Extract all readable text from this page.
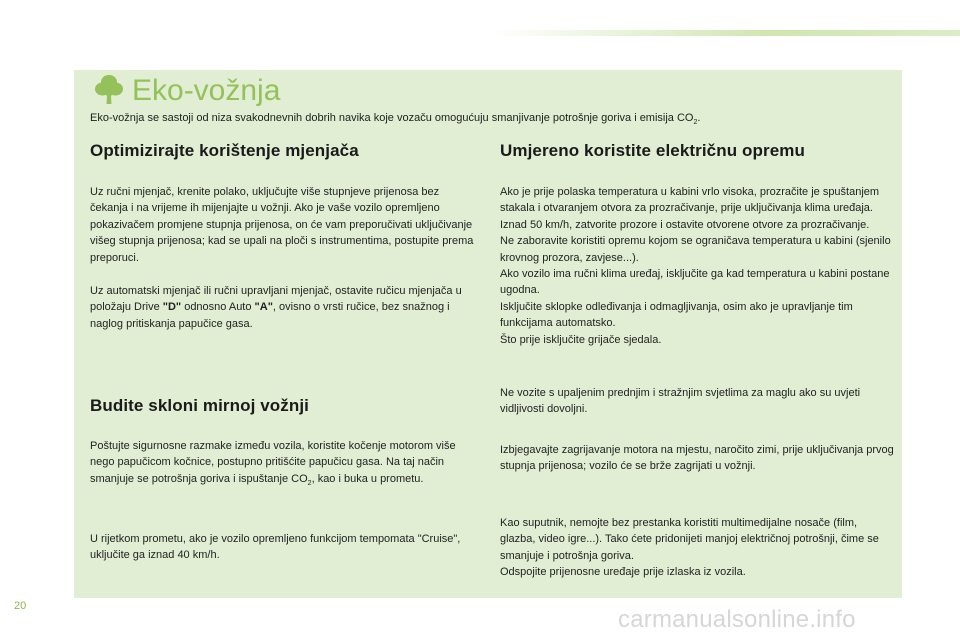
Eko-vožnja

Eko-vožnja se sastoji od niza svakodnevnih dobrih navika koje vozaču omogućuju smanjivanje potrošnje goriva i emisija $CO_2$.

Optimizirajte korištenje mjenjača

Uz ručni mjenjač, krenite polako, uključujte više stupnjeve prijenosa bez čekanja i na vrijeme ih mijenjajte u vožnji. Ako je vaše vozilo opremljeno pokazivačem promjene stupnja prijenosa, on će vam preporučivati uključivanje višeg stupnja prijenosa; kad se upali na ploči s instrumentima, postupite prema preporuci.

Uz automatski mjenjač ili ručni upravljani mjenjač, ostavite ručicu mjenjača u položaju Drive "D" odnosno Auto "A", ovisno o vrsti ručice, bez snažnog i naglog pritiskanja papučice gasa.

Budite skloni mirnoj vožnji

Poštujte sigurnosne razmake između vozila, koristite kočenje motorom više nego papučicom kočnice, postupno pritišćite papučicu gasa. Na taj način smanjuje se potrošnja goriva i ispuštanje $CO_2$, kao i buka u prometu.

U rijetkom prometu, ako je vozilo opremljeno funkcijom tempomata "Cruise", uključite ga iznad 40 km/h.

Umjereno koristite električnu opremu
Ako je prije polaska temperatura u kabini vrlo visoka, prozračite je spuštanjem stakala i otvaranjem otvora za prozračivanje, prije uključivanja klima uređaja.
Iznad 50 km/h, zatvorite prozore i ostavite otvorene otvore za prozračivanje.
Ne zaboravite koristiti opremu kojom se ograničava temperatura u kabini (sjenilo krovnog prozora, zavjese...).
Ako vozilo ima ručni klima uređaj, isključite ga kad temperatura u kabini postane ugodna.
Isključite sklopke odleđivanja i odmagljivanja, osim ako je upravljanje tim funkcijama automatsko.
Što prije isključite grijače sjedala.

Ne vozite s upaljenim prednjim i stražnjim svjetlima za maglu ako su uvjeti vidljivosti dovoljni.

Izbjegavajte zagrijavanje motora na mjestu, naročito zimi, prije uključivanja prvog stupnja prijenosa; vozilo će se brže zagrijati u vožnji.

Kao suputnik, nemojte bez prestanka koristiti multimedijalne nosače (film, glazba, video igre...). Tako ćete pridonijeti manjoj električnoj potrošnji, čime se smanjuje i potrošnja goriva.
Odspojite prijenosne uređaje prije izlaska iz vozila.
20	carmanualsonline.info
